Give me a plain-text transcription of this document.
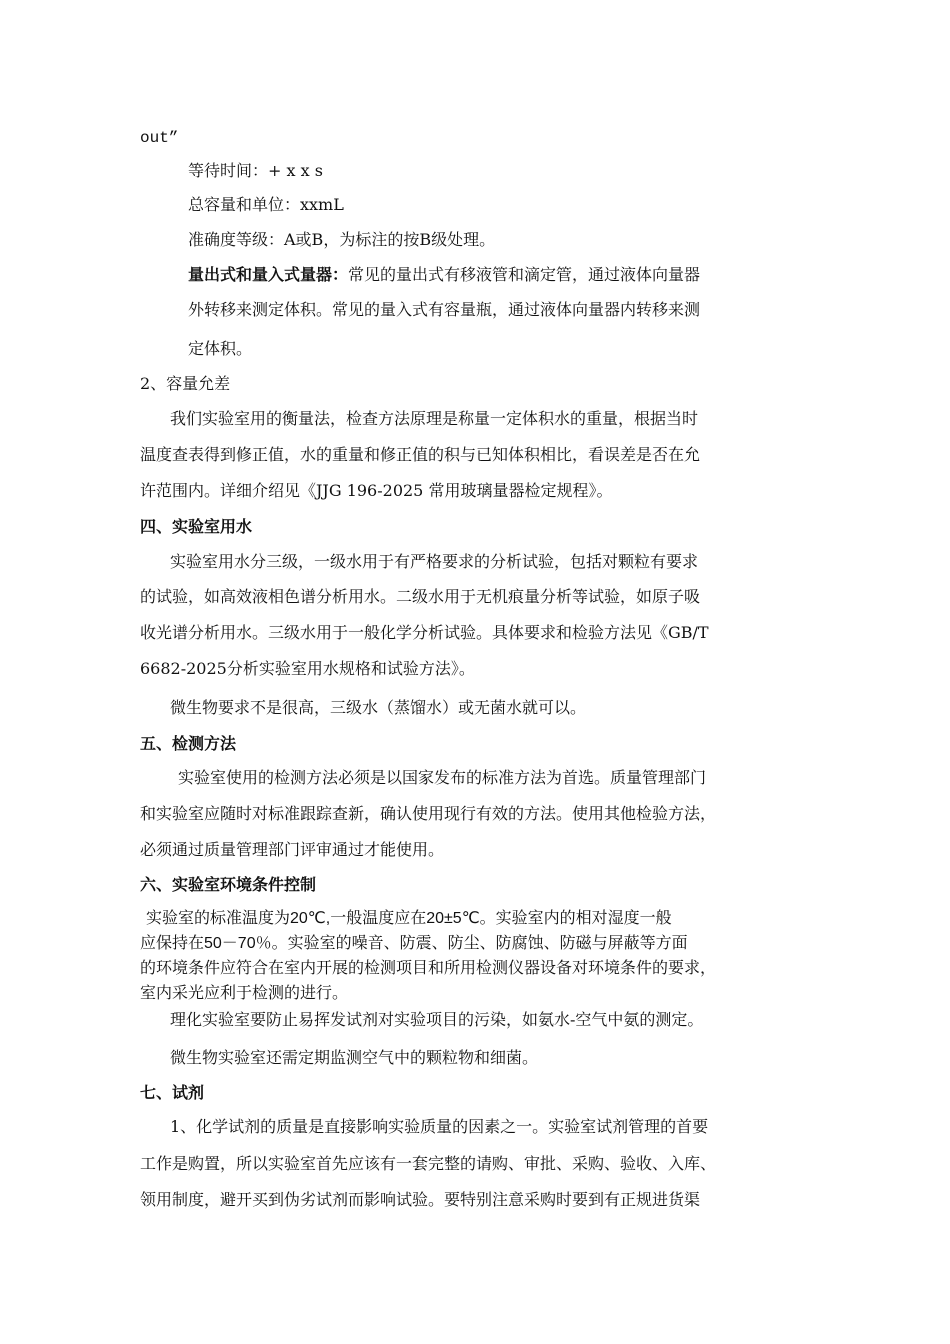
out”
等待时间：+ x x s
总容量和单位：xxmL
准确度等级：A或B，为标注的按B级处理。
量出式和量入式量器：常见的量出式有移液管和滴定管，通过液体向量器
外转移来测定体积。常见的量入式有容量瓶，通过液体向量器内转移来测
定体积。
2、容量允差
我们实验室用的衡量法，检查方法原理是称量一定体积水的重量，根据当时
温度查表得到修正值，水的重量和修正值的积与已知体积相比，看误差是否在允
许范围内。详细介绍见《JJG 196-2025 常用玻璃量器检定规程》。
四、实验室用水
实验室用水分三级，一级水用于有严格要求的分析试验，包括对颗粒有要求
的试验，如高效液相色谱分析用水。二级水用于无机痕量分析等试验，如原子吸
收光谱分析用水。三级水用于一般化学分析试验。具体要求和检验方法见《GB/T
6682-2025分析实验室用水规格和试验方法》。
微生物要求不是很高，三级水（蒸馏水）或无菌水就可以。
五、检测方法
实验室使用的检测方法必须是以国家发布的标准方法为首选。质量管理部门
和实验室应随时对标准跟踪查新，确认使用现行有效的方法。使用其他检验方法，
必须通过质量管理部门评审通过才能使用。
六、实验室环境条件控制
实验室的标准温度为20℃,一般温度应在20±5℃。实验室内的相对湿度一般
应保持在50－70％。实验室的噪音、防震、防尘、防腐蚀、防磁与屏蔽等方面
的环境条件应符合在室内开展的检测项目和所用检测仪器设备对环境条件的要求，
室内采光应利于检测的进行。
理化实验室要防止易挥发试剂对实验项目的污染，如氨水-空气中氨的测定。
微生物实验室还需定期监测空气中的颗粒物和细菌。
七、试剂
1、化学试剂的质量是直接影响实验质量的因素之一。实验室试剂管理的首要
工作是购置，所以实验室首先应该有一套完整的请购、审批、采购、验收、入库、
领用制度，避开买到伪劣试剂而影响试验。要特别注意采购时要到有正规进货渠
